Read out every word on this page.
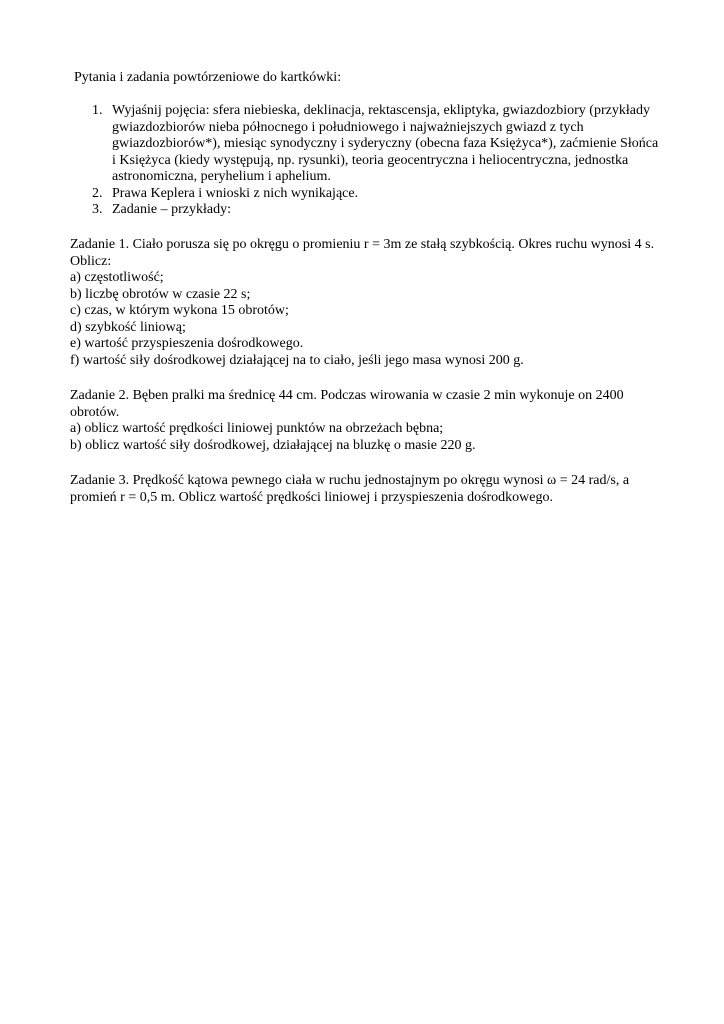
Pytania i zadania powtórzeniowe do kartkówki:

1. Wyjaśnij pojęcia: sfera niebieska, deklinacja, rektascensja, ekliptyka, gwiazdozbiory (przykłady gwiazdozbiorów nieba północnego i południowego i najważniejszych gwiazd z tych gwiazdozbiorów*), miesiąc synodyczny i syderyczny (obecna faza Księżyca*), zaćmienie Słońca i Księżyca (kiedy występują, np. rysunki), teoria geocentryczna i heliocentryczna, jednostka astronomiczna, peryhelium i aphelium.
2. Prawa Keplera i wnioski z nich wynikające.
3. Zadanie – przykłady:

Zadanie 1. Ciało porusza się po okręgu o promieniu r = 3m ze stałą szybkością. Okres ruchu wynosi 4 s. Oblicz:

a) częstotliwość;

b) liczbę obrotów w czasie 22 s;

c) czas, w którym wykona 15 obrotów;

d) szybkość liniową;

e) wartość przyspieszenia dośrodkowego.

f) wartość siły dośrodkowej działającej na to ciało, jeśli jego masa wynosi 200 g.

Zadanie 2. Bęben pralki ma średnicę 44 cm. Podczas wirowania w czasie 2 min wykonuje on 2400 obrotów.

a) oblicz wartość prędkości liniowej punktów na obrzeżach bębna;

b) oblicz wartość siły dośrodkowej, działającej na bluzkę o masie 220 g.

Zadanie 3. Prędkość kątowa pewnego ciała w ruchu jednostajnym po okręgu wynosi ω = 24 rad/s, a promień r = 0,5 m. Oblicz wartość prędkości liniowej i przyspieszenia dośrodkowego.
